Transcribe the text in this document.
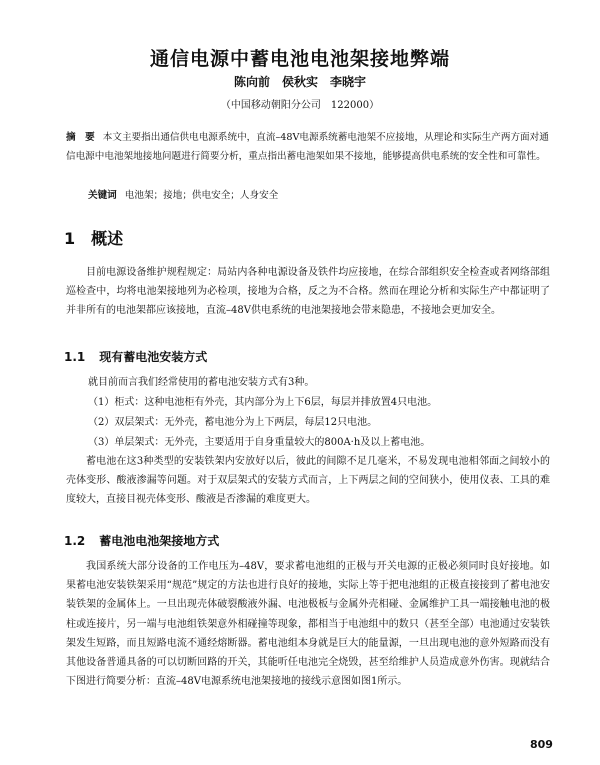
通信电源中蓄电池电池架接地弊端
陈向前　侯秋实　李晓宇
（中国移动朝阳分公司　122000）
摘　要 本文主要指出通信供电电源系统中，直流–48V电源系统蓄电池架不应接地，从理论和实际生产两方面对通信电源中电池架地接地问题进行简要分析，重点指出蓄电池架如果不接地，能够提高供电系统的安全性和可靠性。
关键词 电池架；接地；供电安全；人身安全
1 概述
目前电源设备维护规程规定：局站内各种电源设备及铁件均应接地，在综合部组织安全检查或者网络部组巡检查中，均将电池架接地列为必检项，接地为合格，反之为不合格。然而在理论分析和实际生产中都证明了并非所有的电池架都应该接地，直流–48V供电系统的电池架接地会带来隐患，不接地会更加安全。
1.1 现有蓄电池安装方式
就目前而言我们经常使用的蓄电池安装方式有3种。
（1）柜式：这种电池柜有外壳，其内部分为上下6层，每层并排放置4只电池。
（2）双层架式：无外壳，蓄电池分为上下两层，每层12只电池。
（3）单层架式：无外壳，主要适用于自身重量较大的800A·h及以上蓄电池。
蓄电池在这3种类型的安装铁架内安放好以后，彼此的间隙不足几毫米，不易发现电池相邻面之间较小的壳体变形、酸液渗漏等问题。对于双层架式的安装方式而言，上下两层之间的空间狭小，使用仪表、工具的难度较大，直接目视壳体变形、酸液是否渗漏的难度更大。
1.2 蓄电池电池架接地方式
我国系统大部分设备的工作电压为–48V，要求蓄电池组的正极与开关电源的正极必须同时良好接地。如果蓄电池安装铁架采用“规范”规定的方法也进行良好的接地，实际上等于把电池组的正极直接接到了蓄电池安装铁架的金属体上。一旦出现壳体破裂酸液外漏、电池极板与金属外壳相碰、金属维护工具一端接触电池的极柱或连接片，另一端与电池组铁架意外相碰撞等现象，都相当于电池组中的数只（甚至全部）电池通过安装铁架发生短路，而且短路电流不通经熔断器。蓄电池组本身就是巨大的能量源，一旦出现电池的意外短路而没有其他设备普通具备的可以切断回路的开关，其能听任电池完全烧毁，甚至给维护人员造成意外伤害。现就结合下图进行简要分析：直流–48V电源系统电池架接地的接线示意图如图1所示。
809
